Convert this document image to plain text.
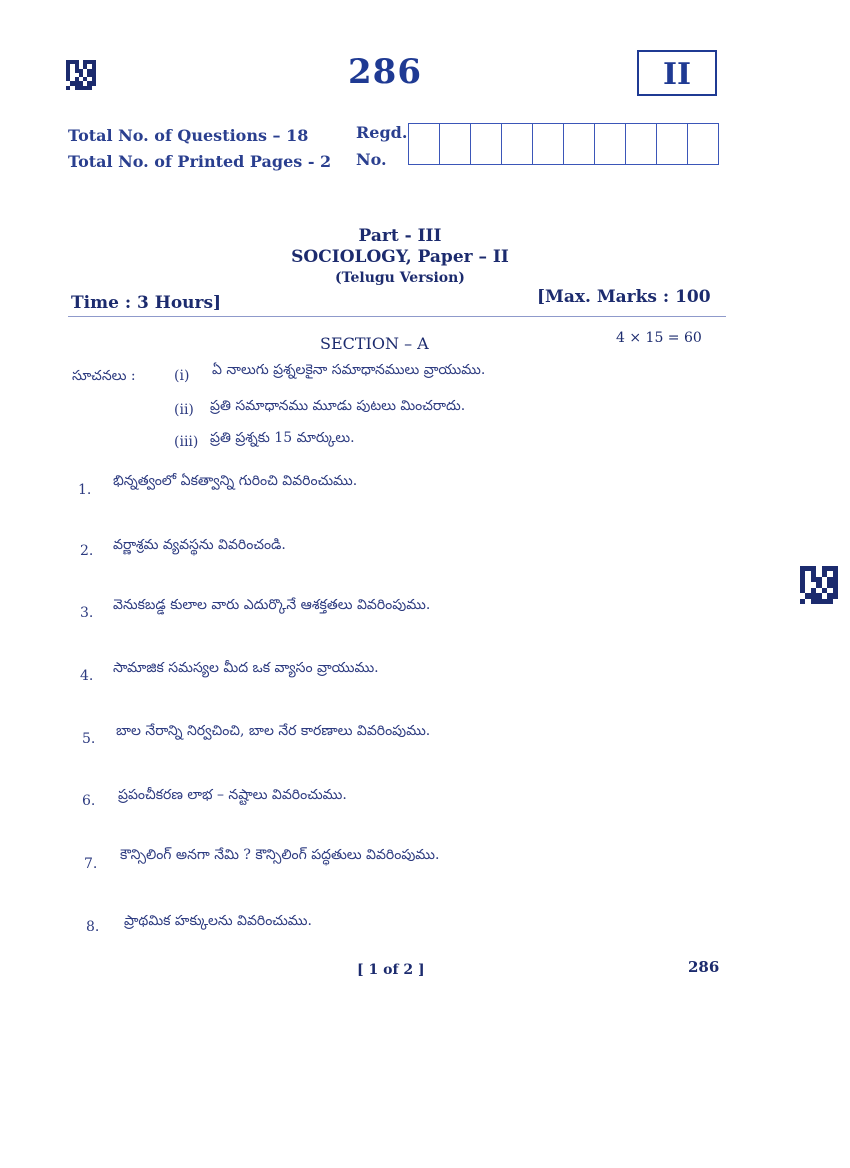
286	II
Total No. of Questions – 18
Total No. of Printed Pages - 2
Regd.
No.
Part - III
SOCIOLOGY, Paper – II
(Telugu Version)
Time : 3 Hours]	[Max. Marks : 100
SECTION – A	4 × 15 = 60
సూచనలు :	(i) ఏ నాలుగు ప్రశ్నలకైనా సమాధానములు వ్రాయుము.
(ii) ప్రతి సమాధానము మూడు పుటలు మించరాదు.
(iii) ప్రతి ప్రశ్నకు 15 మార్కులు.
1.
భిన్నత్వంలో ఏకత్వాన్ని గురించి వివరించుము.
2. వర్ణాశ్రమ వ్యవస్థను వివరించండి.
3. వెనుకబడ్డ కులాల వారు ఎదుర్కొనే ఆశక్తతలు వివరింపుము.
4. సామాజిక సమస్యల మీద ఒక వ్యాసం వ్రాయుము.
5. బాల నేరాన్ని నిర్వచించి, బాల నేర కారణాలు వివరింపుము.
6. ప్రపంచీకరణ లాభ – నష్టాలు వివరించుము.
7.
కౌన్సిలింగ్ అనగా నేమి ? కౌన్సిలింగ్ పద్ధతులు వివరింపుము.
8. ప్రాథమిక హక్కులను వివరించుము.
[ 1 of 2 ]	286
